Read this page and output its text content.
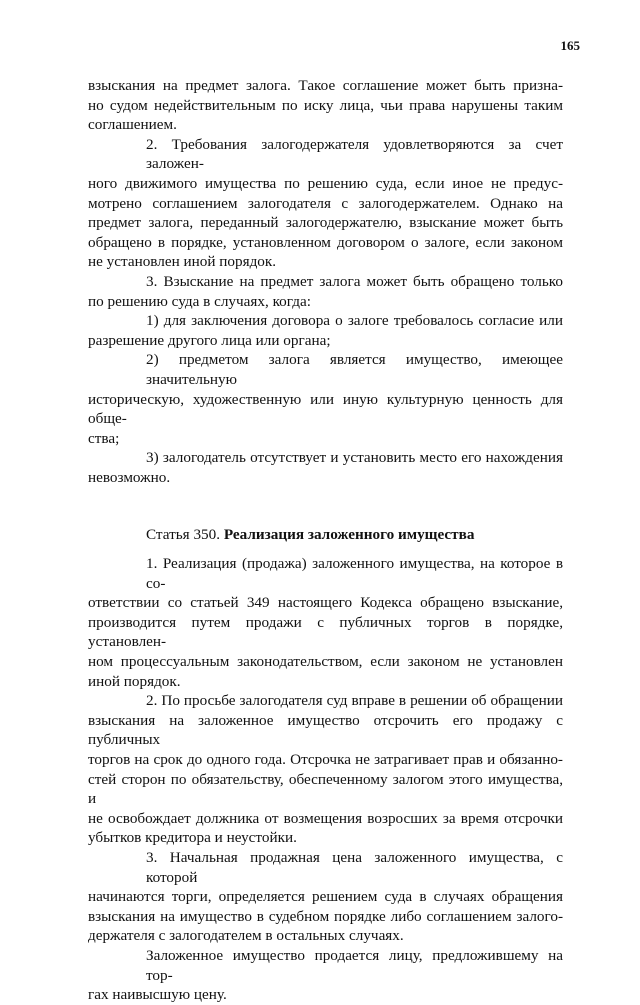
165
взыскания на предмет залога. Такое соглашение может быть призна-
но судом недействительным по иску лица, чьи права нарушены таким
соглашением.
2. Требования залогодержателя удовлетворяются за счет заложен-
ного движимого имущества по решению суда, если иное не предус-
мотрено соглашением залогодателя с залогодержателем. Однако на
предмет залога, переданный залогодержателю, взыскание может быть
обращено в порядке, установленном договором о залоге, если законом
не установлен иной порядок.
3. Взыскание на предмет залога может быть обращено только
по решению суда в случаях, когда:
1) для заключения договора о залоге требовалось согласие или
разрешение другого лица или органа;
2) предметом залога является имущество, имеющее значительную
историческую, художественную или иную культурную ценность для обще-
ства;
3) залогодатель отсутствует и установить место его нахождения
невозможно.
Статья 350. Реализация заложенного имущества
1. Реализация (продажа) заложенного имущества, на которое в со-
ответствии со статьей 349 настоящего Кодекса обращено взыскание,
производится путем продажи с публичных торгов в порядке, установлен-
ном процессуальным законодательством, если законом не установлен
иной порядок.
2. По просьбе залогодателя суд вправе в решении об обращении
взыскания на заложенное имущество отсрочить его продажу с публичных
торгов на срок до одного года. Отсрочка не затрагивает прав и обязанно-
стей сторон по обязательству, обеспеченному залогом этого имущества, и
не освобождает должника от возмещения возросших за время отсрочки
убытков кредитора и неустойки.
3. Начальная продажная цена заложенного имущества, с которой
начинаются торги, определяется решением суда в случаях обращения
взыскания на имущество в судебном порядке либо соглашением залого-
держателя с залогодателем в остальных случаях.
Заложенное имущество продается лицу, предложившему на тор-
гах наивысшую цену.
